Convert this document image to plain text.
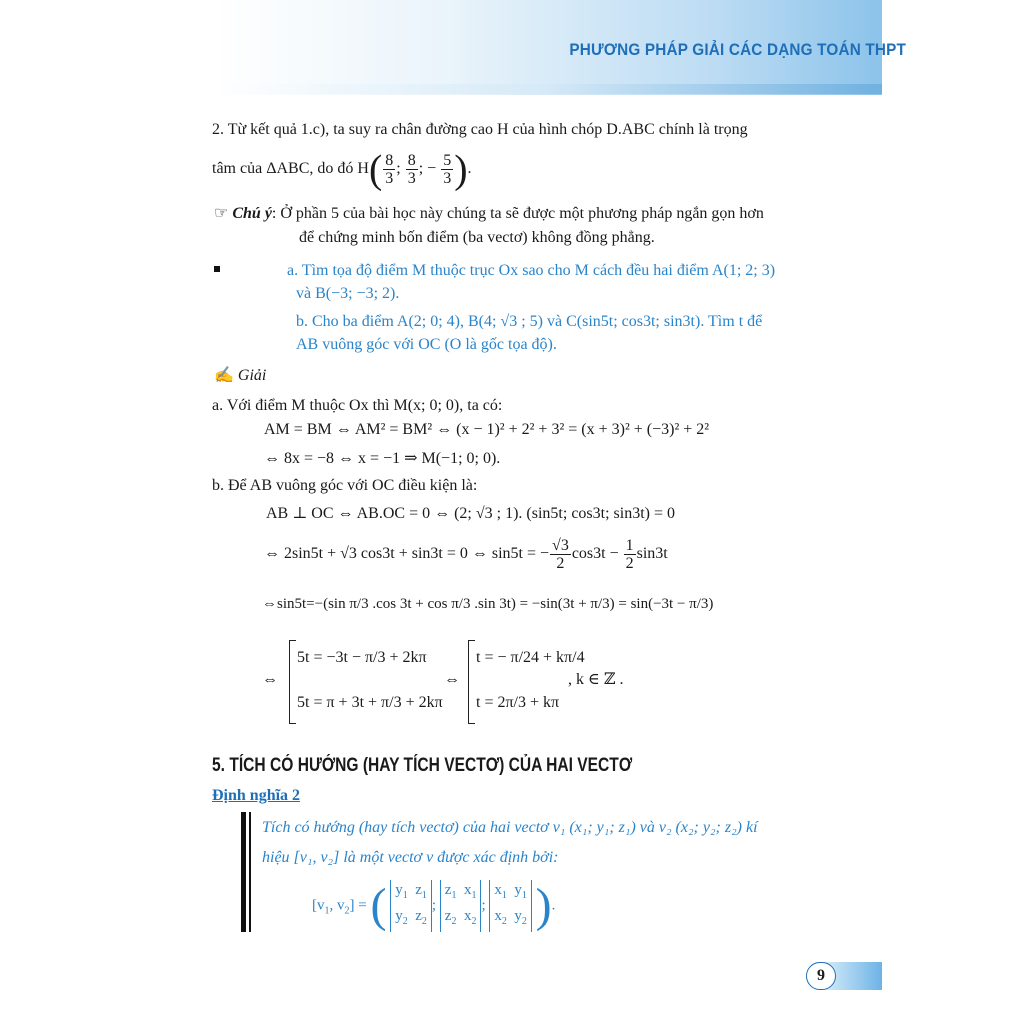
PHƯƠNG PHÁP GIẢI CÁC DẠNG TOÁN THPT
2. Từ kết quả 1.c), ta suy ra chân đường cao H của hình chóp D.ABC chính là trọng
tâm của ΔABC, do đó $H( \frac{8}{3}$ ; $\frac{8}{3}$ ; − $\frac{5}{3}$ ).
☞ Chú ý: Ở phần 5 của bài học này chúng ta sẽ được một phương pháp ngắn gọn hơn
để chứng minh bốn điểm (ba vectơ) không đồng phẳng.
a. Tìm tọa độ điểm M thuộc trục Ox sao cho M cách đều hai điểm A(1; 2; 3)
và B(−3; −3; 2).
b. Cho ba điểm A(2; 0; 4), B(4; √3 ; 5) và C(sin5t; cos3t; sin3t). Tìm t để
AB vuông góc với OC (O là gốc tọa độ).
✍ Giải
a. Với điểm M thuộc Ox thì M(x; 0; 0), ta có:
AM = BM ⇔ AM² = BM² ⇔ (x − 1)² + 2² + 3² = (x + 3)² + (−3)² + 2²
⇔ 8x = −8 ⇔ x = −1 ⇒ M(−1; 0; 0).
b. Để AB vuông góc với OC điều kiện là:
AB ⊥ OC ⇔ AB.OC = 0 ⇔ (2; √3 ; 1). (sin5t; cos3t; sin3t) = 0
⇔ 2sin5t + √3 cos3t + sin3t = 0 ⇔ sin5t = − $\frac{√3}{2} \cos 3t - \frac{1}{2} \sin 3t$
⇔sin5t=−(sin π/3 .cos 3t + cos π/3 .sin 3t) = −sin(3t + π/3) = sin(−3t − π/3)
⇔
5t = −3t − π/3 + 2kπ
5t = π + 3t + π/3 + 2kπ
⇔
t = − π/24 + kπ/4
t = 2π/3 + kπ
, k ∈ ℤ .
5. TÍCH CÓ HƯỚNG (HAY TÍCH VECTƠ) CỦA HAI VECTƠ
Định nghĩa 2
Tích có hướng (hay tích vectơ) của hai vectơ v₁ (x₁; y₁; z₁) và v₂ (x₂; y₂; z₂) kí
hiệu [v₁, v₂] là một vectơ v được xác định bởi:
[$v_1$, $v_2$] = ( $y_1$  $z_1$
$y_2$  $z_2$; $z_1$  $x_1$
$z_2$  $x_2$; $x_1$  $y_1$
$x_2$  $y_2$ ).
9
